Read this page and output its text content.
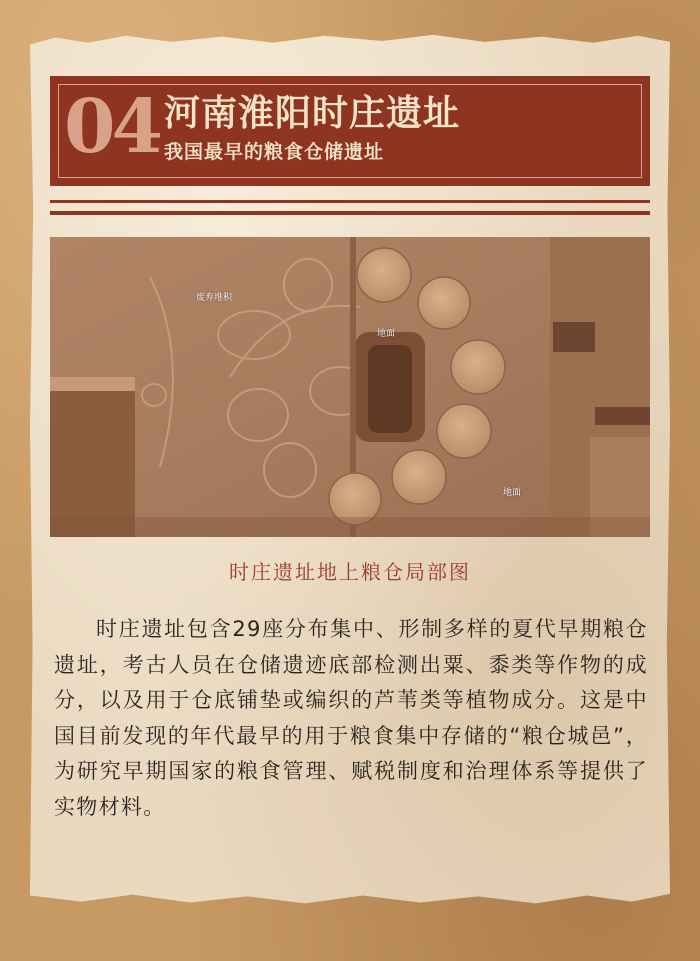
04 河南淮阳时庄遗址
我国最早的粮食仓储遗址
废弃堆积
地面
地面
时庄遗址地上粮仓局部图

时庄遗址包含29座分布集中、形制多样的夏代早期粮仓遗址，考古人员在仓储遗迹底部检测出粟、黍类等作物的成分，以及用于仓底铺垫或编织的芦苇类等植物成分。这是中国目前发现的年代最早的用于粮食集中存储的“粮仓城邑”，为研究早期国家的粮食管理、赋税制度和治理体系等提供了实物材料。
